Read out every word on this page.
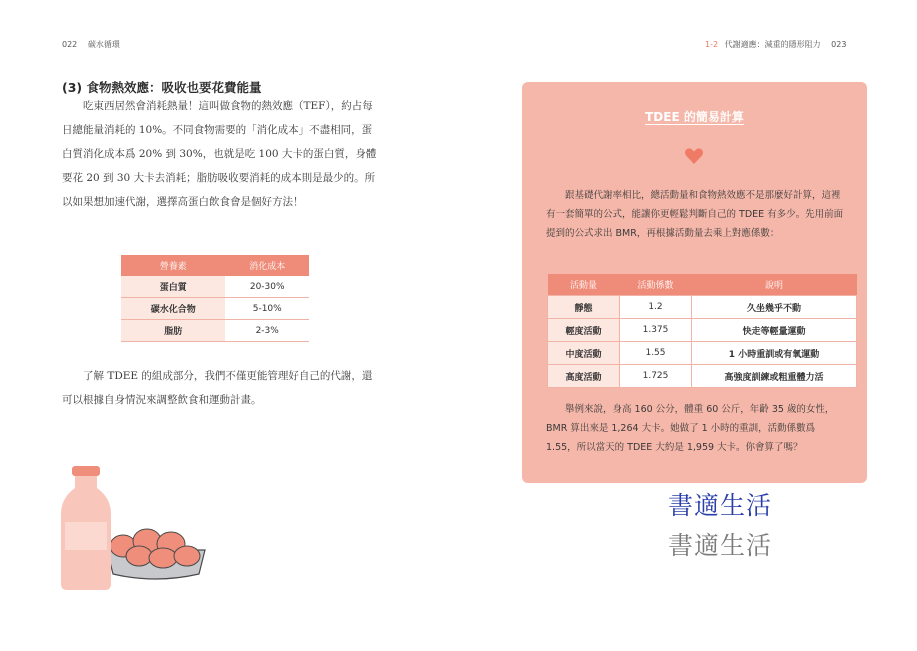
022 碳水循環	1-2 代謝適應：減重的隱形阻力 023
(3) 食物熱效應：吸收也要花費能量
吃東西居然會消耗熱量！這叫做食物的熱效應（TEF），約占每日總能量消耗的 10%。不同食物需要的「消化成本」不盡相同，蛋白質消化成本爲 20% 到 30%，也就是吃 100 大卡的蛋白質，身體要花 20 到 30 大卡去消耗；脂肪吸收要消耗的成本則是最少的。所以如果想加速代謝，選擇高蛋白飲食會是個好方法！
營養素	消化成本
蛋白質	20-30%
碳水化合物	5-10%
脂肪	2-3%
了解 TDEE 的組成部分，我們不僅更能管理好自己的代謝，還可以根據自身情況來調整飲食和運動計畫。
TDEE 的簡易計算
跟基礎代謝率相比，總活動量和食物熱效應不是那麼好計算，這裡有一套簡單的公式，能讓你更輕鬆判斷自己的 TDEE 有多少。先用前面提到的公式求出 BMR，再根據活動量去乘上對應係數：
活動量	活動係數	說明
靜態	1.2	久坐幾乎不動
輕度活動	1.375	快走等輕量運動
中度活動	1.55	1 小時重訓或有氧運動
高度活動	1.725	高強度訓練或粗重體力活
舉例來說，身高 160 公分，體重 60 公斤，年齡 35 歲的女性，BMR 算出來是 1,264 大卡。她做了 1 小時的重訓，活動係數爲 1.55，所以當天的 TDEE 大約是 1,959 大卡。你會算了嗎？
書適生活
書適生活
